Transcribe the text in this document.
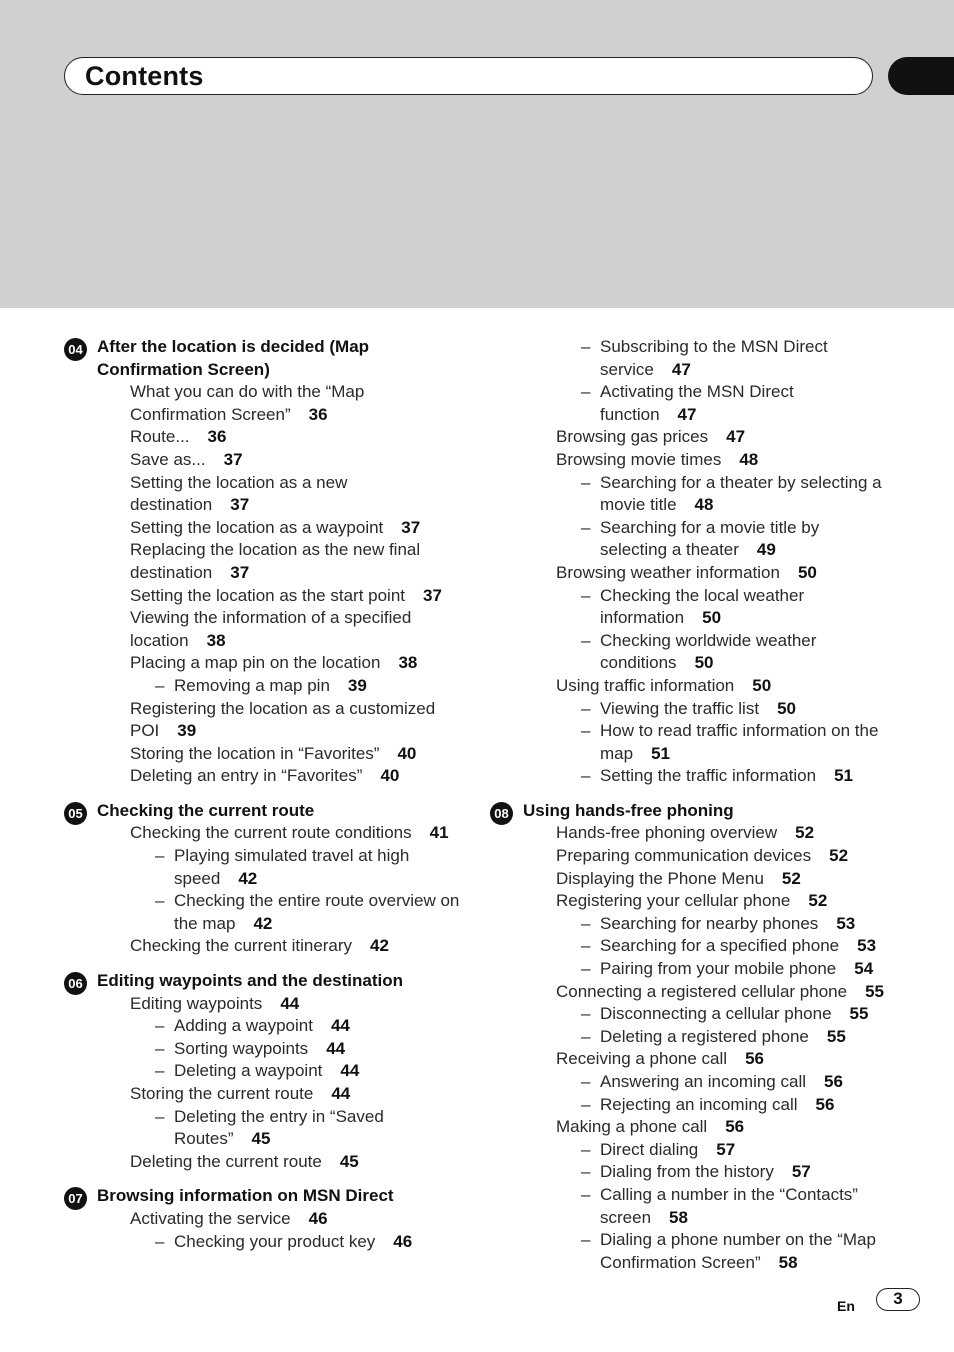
Contents
04 After the location is decided (Map Confirmation Screen)
What you can do with the “Map Confirmation Screen” 36
Route... 36
Save as... 37
Setting the location as a new destination 37
Setting the location as a waypoint 37
Replacing the location as the new final destination 37
Setting the location as the start point 37
Viewing the information of a specified location 38
Placing a map pin on the location 38
– Removing a map pin 39
Registering the location as a customized POI 39
Storing the location in “Favorites” 40
Deleting an entry in “Favorites” 40
05 Checking the current route
Checking the current route conditions 41
– Playing simulated travel at high speed 42
– Checking the entire route overview on the map 42
Checking the current itinerary 42
06 Editing waypoints and the destination
Editing waypoints 44
– Adding a waypoint 44
– Sorting waypoints 44
– Deleting a waypoint 44
Storing the current route 44
– Deleting the entry in “Saved Routes” 45
Deleting the current route 45
07 Browsing information on MSN Direct
Activating the service 46
– Checking your product key 46
– Subscribing to the MSN Direct service 47
– Activating the MSN Direct function 47
Browsing gas prices 47
Browsing movie times 48
– Searching for a theater by selecting a movie title 48
– Searching for a movie title by selecting a theater 49
Browsing weather information 50
– Checking the local weather information 50
– Checking worldwide weather conditions 50
Using traffic information 50
– Viewing the traffic list 50
– How to read traffic information on the map 51
– Setting the traffic information 51
08 Using hands-free phoning
Hands-free phoning overview 52
Preparing communication devices 52
Displaying the Phone Menu 52
Registering your cellular phone 52
– Searching for nearby phones 53
– Searching for a specified phone 53
– Pairing from your mobile phone 54
Connecting a registered cellular phone 55
– Disconnecting a cellular phone 55
– Deleting a registered phone 55
Receiving a phone call 56
– Answering an incoming call 56
– Rejecting an incoming call 56
Making a phone call 56
– Direct dialing 57
– Dialing from the history 57
– Calling a number in the “Contacts” screen 58
– Dialing a phone number on the “Map Confirmation Screen” 58
En	3
